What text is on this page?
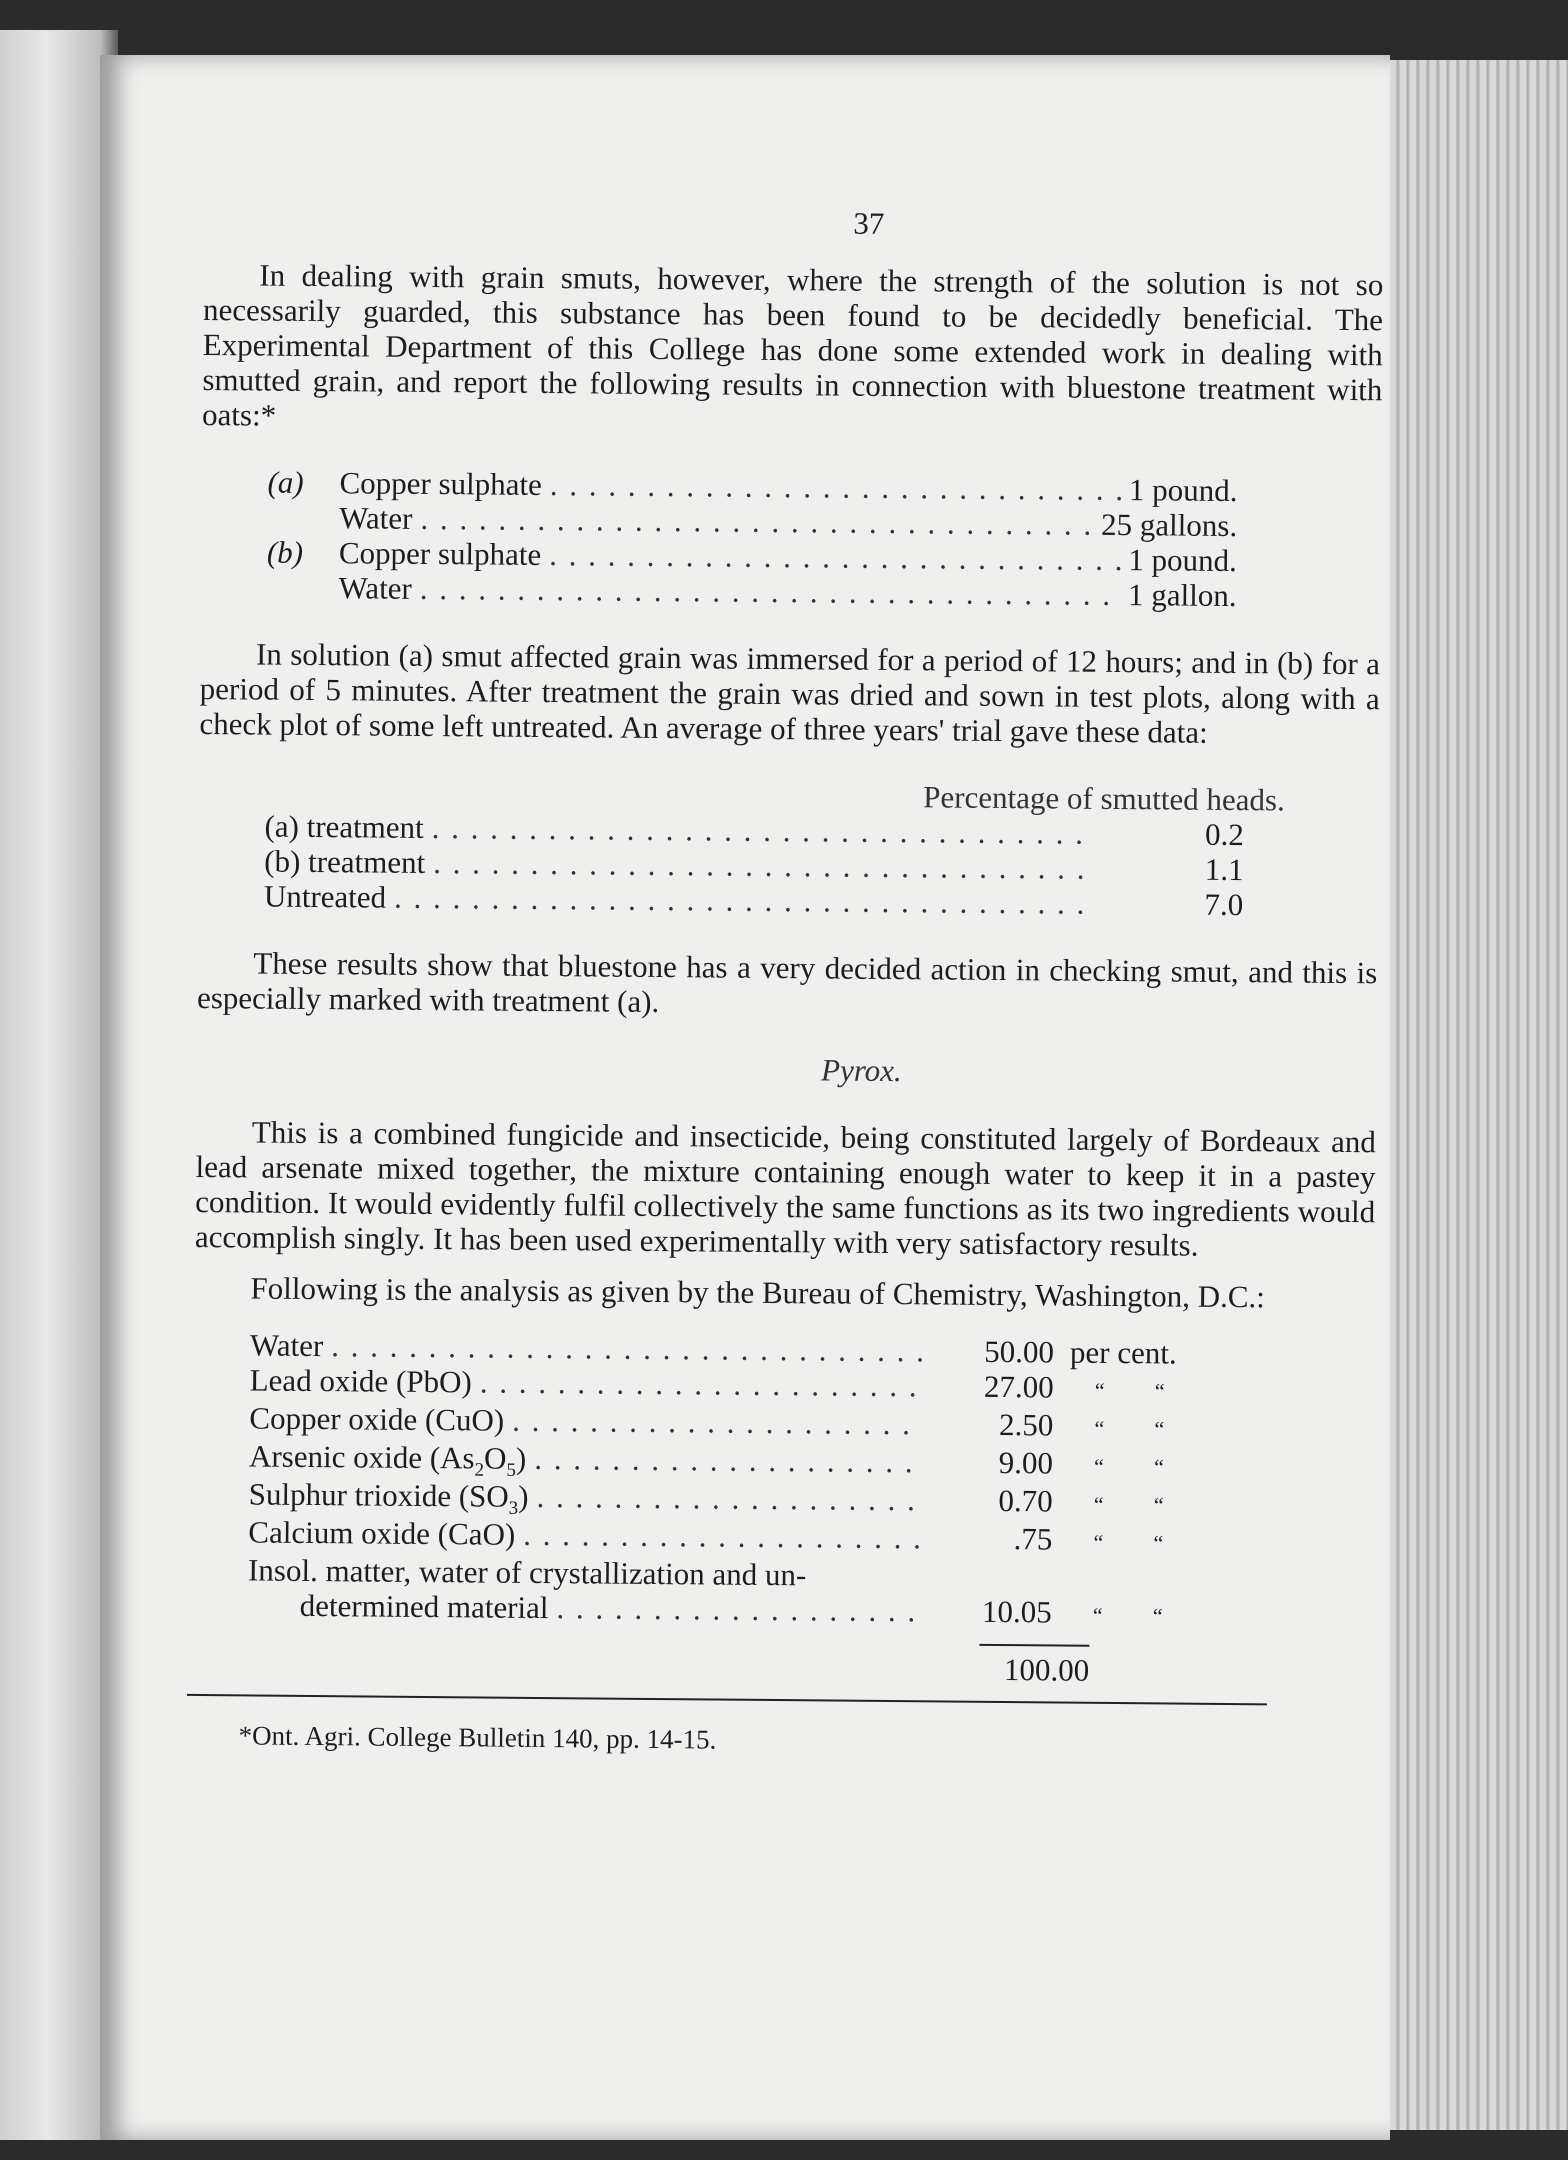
37

In dealing with grain smuts, however, where the strength of the solution is not so necessarily guarded, this substance has been found to be decidedly beneficial. The Experimental Department of this College has done some extended work in dealing with smutted grain, and report the following results in connection with bluestone treatment with oats:*

(a) Copper sulphate . . .	1 pound.
Water . . .	25 gallons.
(b) Copper sulphate . . .	1 pound.
Water . . .	1 gallon.

In solution (a) smut affected grain was immersed for a period of 12 hours; and in (b) for a period of 5 minutes. After treatment the grain was dried and sown in test plots, along with a check plot of some left untreated. An average of three years' trial gave these data:

Percentage of smutted heads.
(a) treatment . . .	0.2
(b) treatment . . .	1.1
Untreated . . .	7.0

These results show that bluestone has a very decided action in checking smut, and this is especially marked with treatment (a).

Pyrox.

This is a combined fungicide and insecticide, being constituted largely of Bordeaux and lead arsenate mixed together, the mixture containing enough water to keep it in a pastey condition. It would evidently fulfil collectively the same functions as its two ingredients would accomplish singly. It has been used experimentally with very satisfactory results.

Following is the analysis as given by the Bureau of Chemistry, Washington, D.C.:

Water . . .	50.00 per cent.
Lead oxide (PbO) . . .	27.00	“ “
Copper oxide (CuO) . . .	2.50	“ “
Arsenic oxide $(As_2O_5)$ . . .	9.00	“ “
Sulphur trioxide $(SO_3)$ . . .	0.70	“ “
Calcium oxide (CaO) . . .	.75	“ “
Insol. matter, water of crystallization and un-
determined material . . .	10.05	“ “
100.00
*Ont. Agri. College Bulletin 140, pp. 14-15.
